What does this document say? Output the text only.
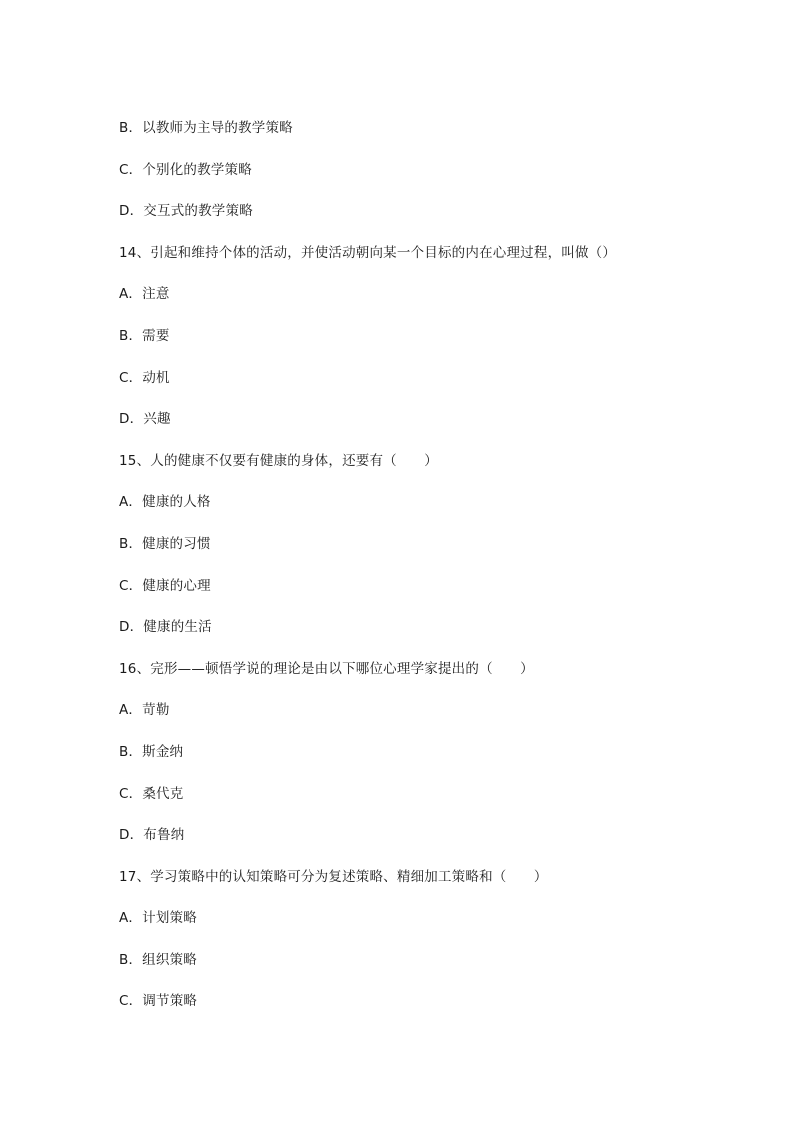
B．以教师为主导的教学策略
C．个别化的教学策略
D．交互式的教学策略
14、引起和维持个体的活动，并使活动朝向某一个目标的内在心理过程，叫做（）
A．注意
B．需要
C．动机
D．兴趣
15、人的健康不仅要有健康的身体，还要有（　　）
A．健康的人格
B．健康的习惯
C．健康的心理
D．健康的生活
16、完形——顿悟学说的理论是由以下哪位心理学家提出的（　　）
A．苛勒
B．斯金纳
C．桑代克
D．布鲁纳
17、学习策略中的认知策略可分为复述策略、精细加工策略和（　　）
A．计划策略
B．组织策略
C．调节策略
